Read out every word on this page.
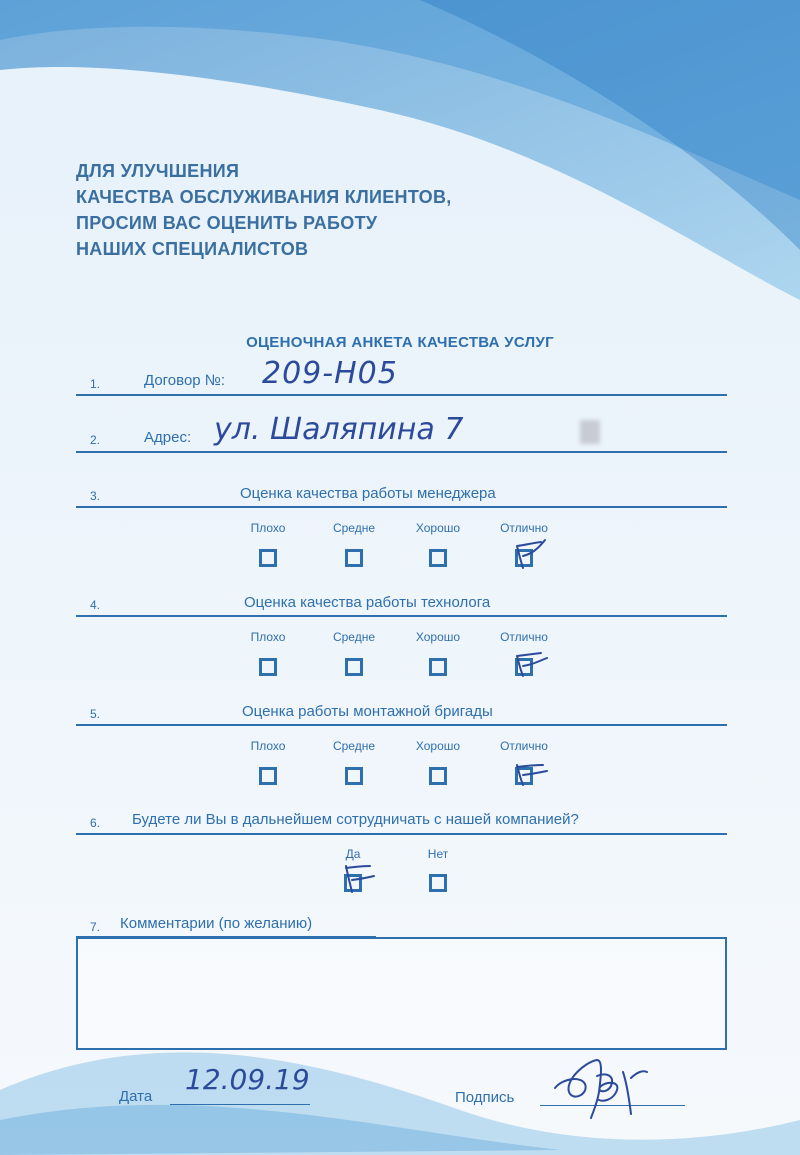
ДЛЯ УЛУЧШЕНИЯ
КАЧЕСТВА ОБСЛУЖИВАНИЯ КЛИЕНТОВ,
ПРОСИМ ВАС ОЦЕНИТЬ РАБОТУ
НАШИХ СПЕЦИАЛИСТОВ
ОЦЕНОЧНАЯ АНКЕТА КАЧЕСТВА УСЛУГ
1.	Договор №: 209-Н05
2.	Адрес: ул. Шаляпина 7
3.	Оценка качества работы менеджера
Плохо	Средне	Хорошо	Отлично
4.	Оценка качества работы технолога
Плохо	Средне	Хорошо	Отлично
5.	Оценка работы монтажной бригады
Плохо	Средне	Хорошо	Отлично
6. Будете ли Вы в дальнейшем сотрудничать с нашей компанией?
Да	Нет
7. Комментарии (по желанию)
Дата
12.09.19
Подпись
